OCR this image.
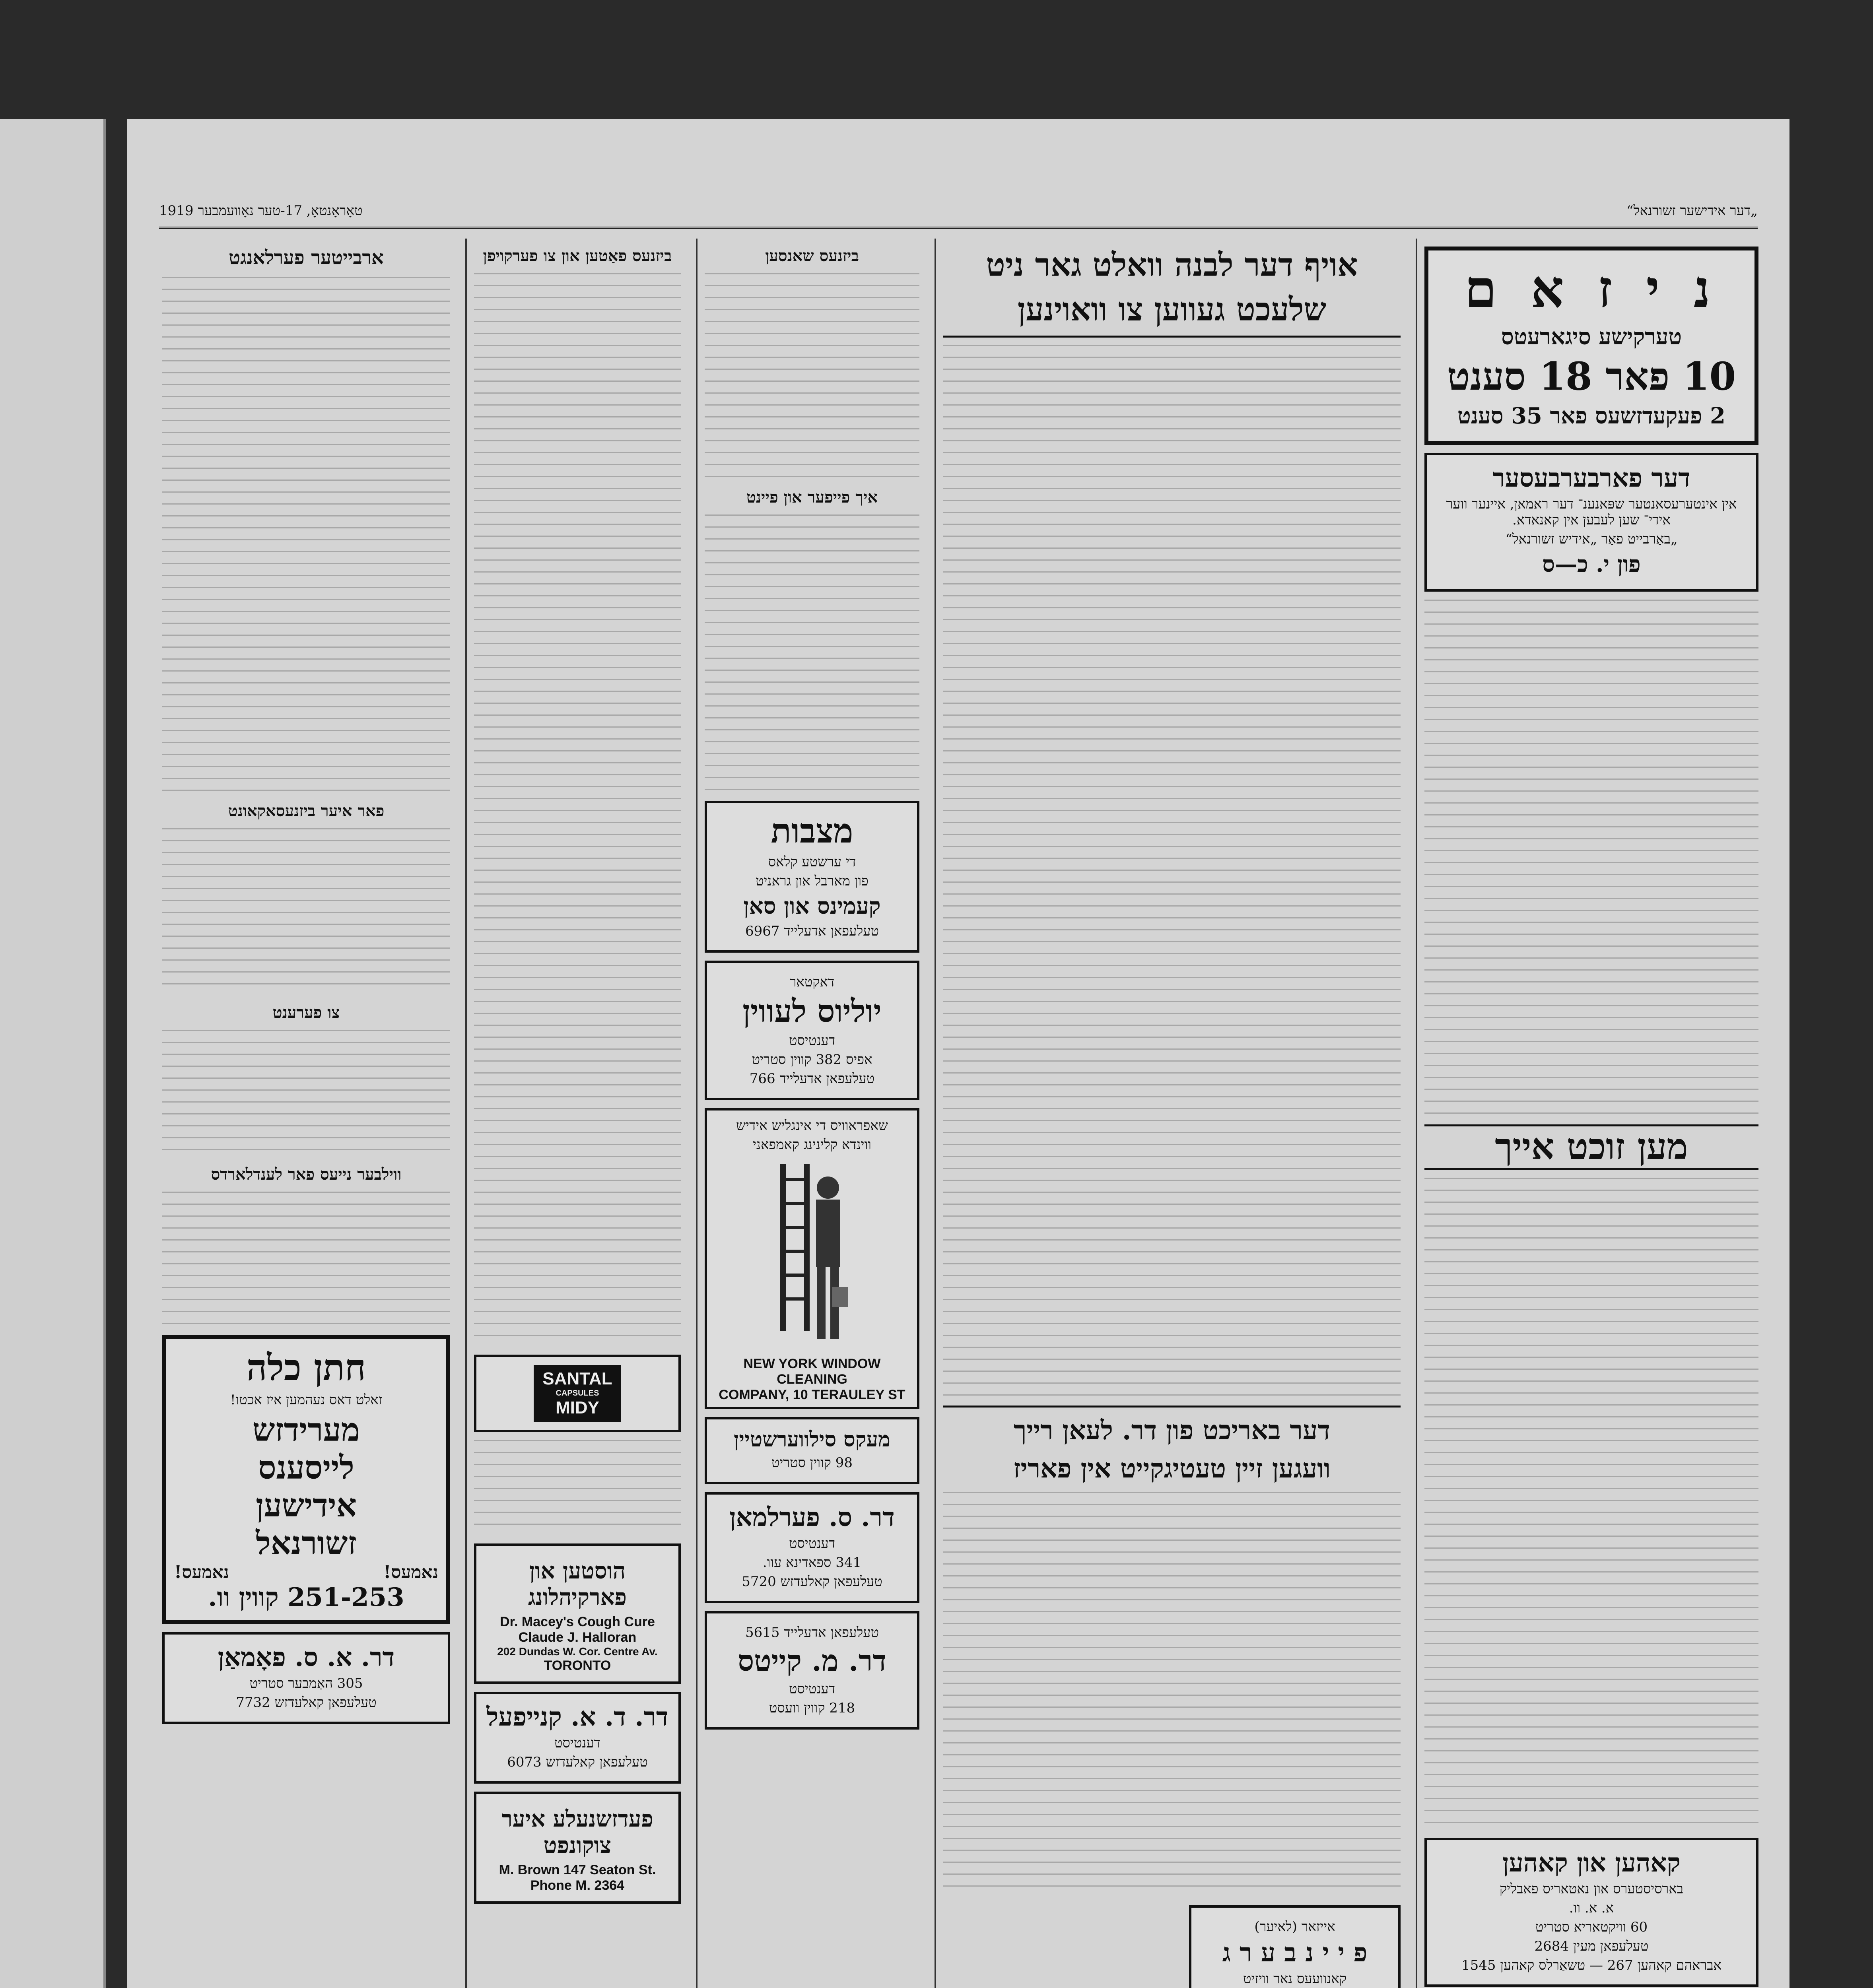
„דער אידישער זשורנאל“
טאָראָנטאָ, 17-טער נאָוועמבער 1919
נ י ז א ם
טערקישע סיגארעטס
10 פאר 18 סענט
2 פעקעדזשעס פאר 35 סענט
דער פארבערבעסער
אין אינטערעסאנטער שפּאנענ־ דער ראמאן, איינער ווער אידי־ שען לעבען אין קאנאדא.
„באַרבייט פאַר „אידיש זשורנאל“
פון י. כ—ס
מען זוכט אייך
קאהען און קאהען
בארסיסטערס און נאטאריס פאבליק
א. א. וו.
60 וויקטאריא סטריט
טעלעפאן מעין 2684
אבראהם קאהען 267 — טשאַרלס קאהען 1545
אויף דער לבנה וואלט גאר ניט
שלעכט געווען צו וואוינען
דער באריכט פון דר. לעאן רייך
וועגען זיין טעטיגקייט אין פאריז
אייזאר (לאיער)
פ י י נ ב ע ר ג
קאנוועעס נאר וויזיט
ביזנעס שאנסען
איך פייפער און פיינט
מצבות
די ערשטע קלאס
פון מארבל און גראניט
קעמינס און סאן
טעלעפאן אדעלייד 6967
דאקטאר
יוליוס לעווין
דענטיסט
אפיס 382 קווין סטריט
טעלעפאן אדעלייד 766
שאפראוויס די אינגליש אידיש
ווינדא קלינינג קאמפאני
NEW YORK WINDOW CLEANING
COMPANY, 10 TERAULEY ST
מעקס סילווערשטיין
98 קווין סטריט
דר. ס. פערלמאן
דענטיסט
341 ספאדינא עוו.
טעלעפאן קאלעדזש 5720
טעלעפאן אדעלייד 5615
דר. מ. קייטס
דענטיסט
218 קווין וועסט
ביזנעס פאַטען און צו פערקויפן
SANTAL
CAPSULES
MIDY
הוסטען און פארקיהלונג
Dr. Macey's Cough Cure
Claude J. Halloran
202 Dundas W. Cor. Centre Av.
TORONTO
דר. ד. א. קנייפעל
דענטיסט
טעלעפאן קאלעדזש 6073
פעדזשנעלע איער צוקונפט
M. Brown 147 Seaton St.
Phone M. 2364
ארבייטער פערלאנגט
פאר איער ביזנעסאקאונט
צו פערענט
ווילבער נייעס פאר לענדלארדס
חתן כלה
זאלט דאס נעהמען איז אכטו!
מערידזש
לייסענס
אידישען
זשורנאל
נאמעס!
נאמעס!
251-253 קווין וו.
דר. א. ס. פאָמאַן
305 האַמבער סטריט
טעלעפאן קאלעדזש 7732
